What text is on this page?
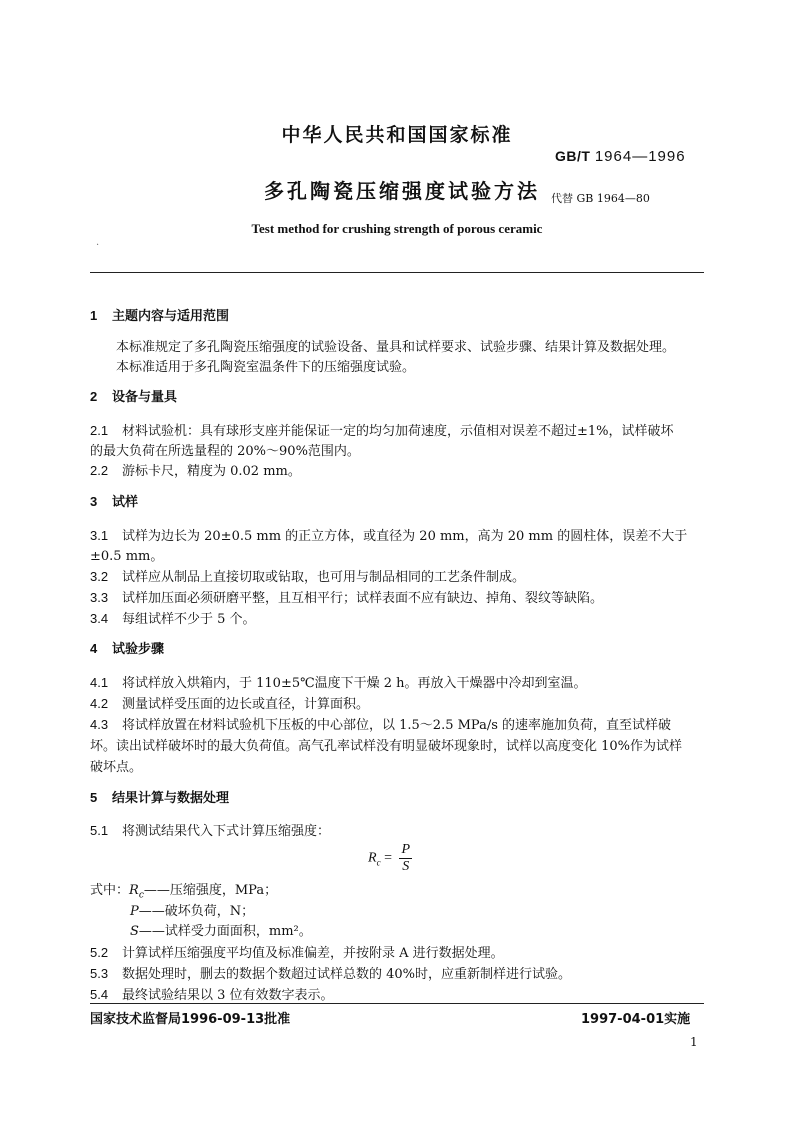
中华人民共和国国家标准
GB/T 1964—1996
多孔陶瓷压缩强度试验方法	代替 GB 1964—80
Test method for crushing strength of porous ceramic
·
1 主题内容与适用范围
本标准规定了多孔陶瓷压缩强度的试验设备、量具和试样要求、试验步骤、结果计算及数据处理。
本标准适用于多孔陶瓷室温条件下的压缩强度试验。
2 设备与量具
2.1 材料试验机：具有球形支座并能保证一定的均匀加荷速度，示值相对误差不超过±1%，试样破坏
的最大负荷在所选量程的 20%～90%范围内。
2.2 游标卡尺，精度为 0.02 mm。
3 试样
3.1 试样为边长为 20±0.5 mm 的正立方体，或直径为 20 mm，高为 20 mm 的圆柱体，误差不大于
±0.5 mm。
3.2 试样应从制品上直接切取或钻取，也可用与制品相同的工艺条件制成。
3.3 试样加压面必须研磨平整，且互相平行；试样表面不应有缺边、掉角、裂纹等缺陷。
3.4 每组试样不少于 5 个。
4 试验步骤
4.1 将试样放入烘箱内，于 110±5℃温度下干燥 2 h。再放入干燥器中冷却到室温。
4.2 测量试样受压面的边长或直径，计算面积。
4.3 将试样放置在材料试验机下压板的中心部位，以 1.5～2.5 MPa/s 的速率施加负荷，直至试样破
坏。读出试样破坏时的最大负荷值。高气孔率试样没有明显破坏现象时，试样以高度变化 10%作为试样
破坏点。
5 结果计算与数据处理
5.1 将测试结果代入下式计算压缩强度：
$R_c = \frac{P}{S}$
式中：$R_c——$压缩强度，MPa；
P——破坏负荷，N；
S——试样受力面面积，mm²。
5.2 计算试样压缩强度平均值及标准偏差，并按附录 A 进行数据处理。
5.3 数据处理时，删去的数据个数超过试样总数的 40%时，应重新制样进行试验。
5.4 最终试验结果以 3 位有效数字表示。
国家技术监督局1996-09-13批准	1997-04-01实施
1
